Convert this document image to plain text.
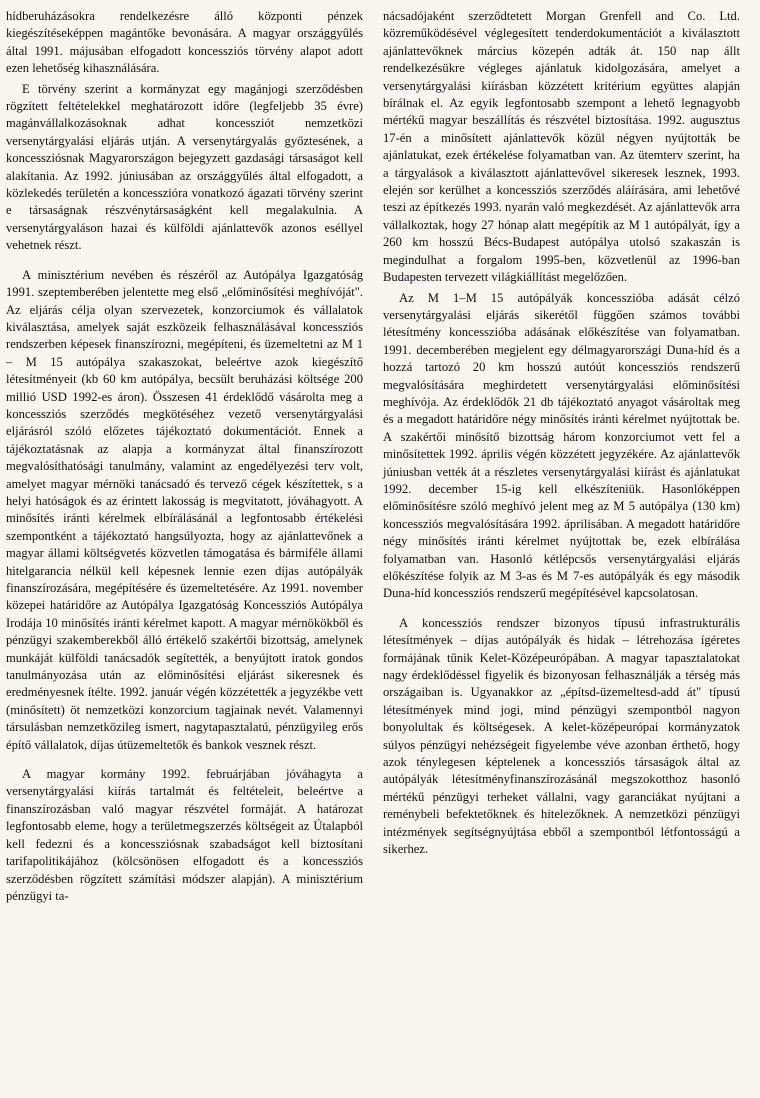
hídberuházásokra rendelkezésre álló központi pénzek kiegészítéseképpen magántőke bevonására. A magyar országgyűlés által 1991. májusában elfogadott koncessziós törvény alapot adott ezen lehetőség kihasználására.

E törvény szerint a kormányzat egy magánjogi szerződésben rögzített feltételekkel meghatározott időre (legfeljebb 35 évre) magánvállalkozásoknak adhat koncessziót nemzetközi versenytárgyalási eljárás utján. A versenytárgyalás győztesének, a koncessziósnak Magyarországon bejegyzett gazdasági társaságot kell alakítania. Az 1992. júniusában az országgyűlés által elfogadott, a közlekedés területén a koncesszióra vonatkozó ágazati törvény szerint e társaságnak részvénytársaságként kell megalakulnia. A versenytárgyaláson hazai és külföldi ajánlattevők azonos eséllyel vehetnek részt.

A minisztérium nevében és részéről az Autópálya Igazgatóság 1991. szeptemberében jelentette meg első „előminősítési meghívóját". Az eljárás célja olyan szervezetek, konzorciumok és vállalatok kiválasztása, amelyek saját eszközeik felhasználásával koncessziós rendszerben képesek finanszírozni, megépíteni, és üzemeltetni az M 1 – M 15 autópálya szakaszokat, beleértve azok kiegészítő létesítményeit (kb 60 km autópálya, becsült beruházási költsége 200 millió USD 1992-es áron). Összesen 41 érdeklődő vásárolta meg a koncessziós szerződés megkötéséhez vezető versenytárgyalási eljárásról szóló előzetes tájékoztató dokumentációt. Ennek a tájékoztatásnak az alapja a kormányzat által finanszírozott megvalósíthatósági tanulmány, valamint az engedélyezési terv volt, amelyet magyar mérnöki tanácsadó és tervező cégek készítettek, s a helyi hatóságok és az érintett lakosság is megvitatott, jóváhagyott. A minősítés iránti kérelmek elbírálásánál a legfontosabb értékelési szempontként a tájékoztató hangsúlyozta, hogy az ajánlattevőnek a magyar állami költségvetés közvetlen támogatása és bármiféle állami hitelgarancia nélkül kell képesnek lennie ezen díjas autópályák finanszírozására, megépítésére és üzemeltetésére. Az 1991. november közepei határidőre az Autópálya Igazgatóság Koncessziós Autópálya Irodája 10 minősítés iránti kérelmet kapott. A magyar mérnökökből és pénzügyi szakemberekből álló értékelő szakértői bizottság, amelynek munkáját külföldi tanácsadók segítették, a benyújtott iratok gondos tanulmányozása után az előminősítési eljárást sikeresnek és eredményesnek ítélte. 1992. január végén közzétették a jegyzékbe vett (minősített) öt nemzetközi konzorcium tagjainak nevét. Valamennyi társulásban nemzetközileg ismert, nagytapasztalatú, pénzügyileg erős építő vállalatok, díjas útüzemeltetők és bankok vesznek részt.

A magyar kormány 1992. februárjában jóváhagyta a versenytárgyalási kiírás tartalmát és feltételeit, beleértve a finanszírozásban való magyar részvétel formáját. A határozat legfontosabb eleme, hogy a területmegszerzés költségeit az Útalapból kell fedezni és a koncessziósnak szabadságot kell biztosítani tarifapolitikájához (kölcsönösen elfogadott és a koncessziós szerződésben rögzített számítási módszer alapján). A minisztérium pénzügyi ta-

nácsadójaként szerződtetett Morgan Grenfell and Co. Ltd. közreműködésével véglegesített tenderdokumentációt a kiválasztott ajánlattevőknek március közepén adták át. 150 nap állt rendelkezésükre végleges ajánlatuk kidolgozására, amelyet a versenytárgyalási kiírásban közzétett kritérium együttes alapján bírálnak el. Az egyik legfontosabb szempont a lehető legnagyobb mértékű magyar beszállítás és részvétel biztosítása. 1992. augusztus 17-én a minősített ajánlattevők közül négyen nyújtották be ajánlatukat, ezek értékelése folyamatban van. Az ütemterv szerint, ha a tárgyalások a kiválasztott ajánlattevővel sikeresek lesznek, 1993. elején sor kerülhet a koncessziós szerződés aláírására, ami lehetővé teszi az építkezés 1993. nyarán való megkezdését. Az ajánlattevők arra vállalkoztak, hogy 27 hónap alatt megépítik az M 1 autópályát, így a 260 km hosszú Bécs-Budapest autópálya utolsó szakaszán is megindulhat a forgalom 1995-ben, közvetlenül az 1996-ban Budapesten tervezett világkiállítást megelőzően.

Az M 1–M 15 autópályák koncesszióba adását célzó versenytárgyalási eljárás sikerétől függően számos további létesítmény koncesszióba adásának előkészítése van folyamatban. 1991. decemberében megjelent egy délmagyarországi Duna-híd és a hozzá tartozó 20 km hosszú autóút koncessziós rendszerű megvalósítására meghirdetett versenytárgyalási előminősítési meghívója. Az érdeklődők 21 db tájékoztató anyagot vásároltak meg és a megadott határidőre négy minősítés iránti kérelmet nyújtottak be. A szakértői minősítő bizottság három konzorciumot vett fel a minősítettek 1992. április végén közzétett jegyzékére. Az ajánlattevők júniusban vették át a részletes versenytárgyalási kiírást és ajánlatukat 1992. december 15-ig kell elkészíteniük. Hasonlóképpen előminősítésre szóló meghívó jelent meg az M 5 autópálya (130 km) koncessziós megvalósítására 1992. áprilisában. A megadott határidőre négy minősítés iránti kérelmet nyújtottak be, ezek elbírálása folyamatban van. Hasonló kétlépcsős versenytárgyalási eljárás előkészítése folyik az M 3-as és M 7-es autópályák és egy második Duna-híd koncessziós rendszerű megépítésével kapcsolatosan.

A koncessziós rendszer bizonyos típusú infrastrukturális létesítmények – díjas autópályák és hidak – létrehozása ígéretes formájának tűnik Kelet-Középeurópában. A magyar tapasztalatokat nagy érdeklődéssel figyelik és bizonyosan felhasználják a térség más országaiban is. Ugyanakkor az „építsd-üzemeltesd-add át" típusú létesítmények mind jogi, mind pénzügyi szempontból nagyon bonyolultak és költségesek. A kelet-középeurópai kormányzatok súlyos pénzügyi nehézségeit figyelembe véve azonban érthető, hogy azok ténylegesen képtelenek a koncessziós társaságok által az autópályák létesítményfinanszírozásánál megszokotthoz hasonló mértékű pénzügyi terheket vállalni, vagy garanciákat nyújtani a reménybeli befektetőknek és hitelezőknek. A nemzetközi pénzügyi intézmények segítségnyújtása ebből a szempontból létfontosságú a sikerhez.
